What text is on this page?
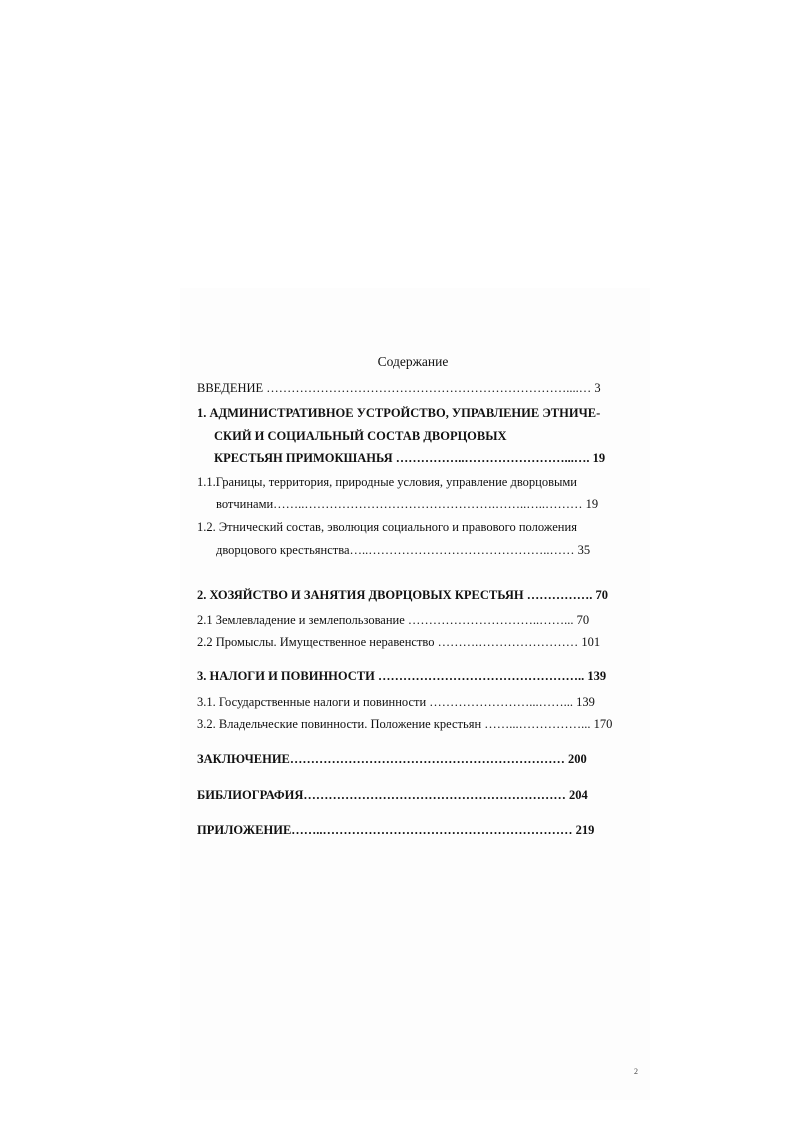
Содержание
ВВЕДЕНИЕ ………………………………………………………………....… 3
1. АДМИНИСТРАТИВНОЕ УСТРОЙСТВО, УПРАВЛЕНИЕ ЭТНИЧЕ-
СКИЙ И СОЦИАЛЬНЫЙ СОСТАВ ДВОРЦОВЫХ
КРЕСТЬЯН ПРИМОКШАНЬЯ ……………..……………………...…. 19
1.1.Границы, территория, природные условия, управление дворцовыми
вотчинами……..……………………………………….……..…..……… 19
1.2. Этнический состав, эволюция социального и правового положения
дворцового крестьянства…..……………………………………..…… 35
2. ХОЗЯЙСТВО И ЗАНЯТИЯ ДВОРЦОВЫХ КРЕСТЬЯН ……………. 70
2.1 Землевладение и землепользование …………………………..……... 70
2.2 Промыслы. Имущественное неравенство ……….…………………… 101
3. НАЛОГИ И ПОВИННОСТИ ………………………………………….. 139
3.1. Государственные налоги и повинности ……………………...……... 139
3.2. Владельческие повинности. Положение крестьян ……...……………... 170
ЗАКЛЮЧЕНИЕ………………………………………………………… 200
БИБЛИОГРАФИЯ……………………………………………………… 204
ПРИЛОЖЕНИЕ……..…………………………………………………… 219
2
